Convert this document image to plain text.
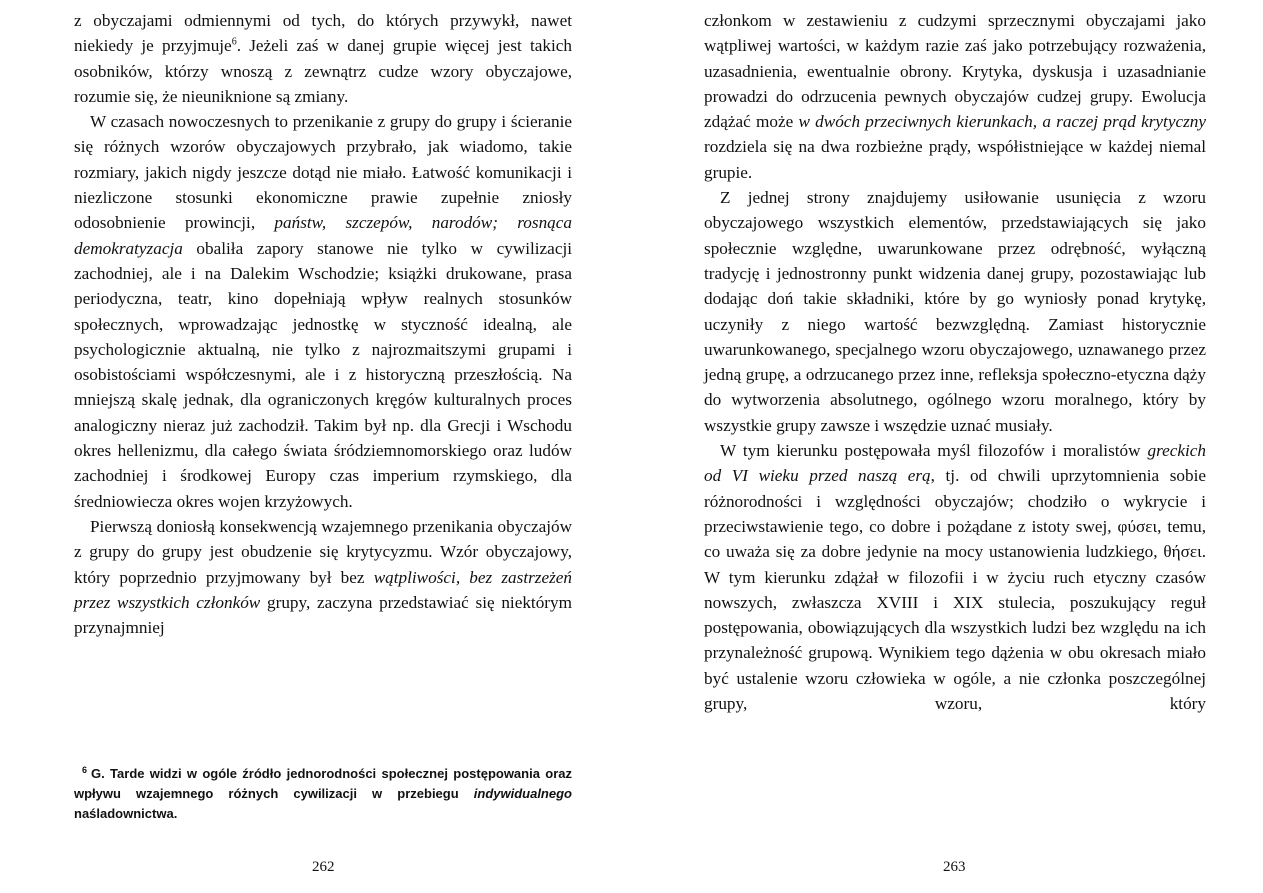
z obyczajami odmiennymi od tych, do których przywykł, nawet niekiedy je przyjmuje$^6$. Jeżeli zaś w danej grupie więcej jest takich osobników, którzy wnoszą z zewnątrz cudze wzory obyczajowe, rozumie się, że nieuniknione są zmiany.

W czasach nowoczesnych to przenikanie z grupy do grupy i ścieranie się różnych wzorów obyczajowych przybrało, jak wiadomo, takie rozmiary, jakich nigdy jeszcze dotąd nie miało. Łatwość komunikacji i niezliczone stosunki ekonomiczne prawie zupełnie zniosły odosobnienie prowincji, państw, szczepów, narodów; rosnąca demokratyzacja obaliła zapory stanowe nie tylko w cywilizacji zachodniej, ale i na Dalekim Wschodzie; książki drukowane, prasa periodyczna, teatr, kino dopełniają wpływ realnych stosunków społecznych, wprowadzając jednostkę w styczność idealną, ale psychologicznie aktualną, nie tylko z najrozmaitszymi grupami i osobistościami współczesnymi, ale i z historyczną przeszłością. Na mniejszą skalę jednak, dla ograniczonych kręgów kulturalnych proces analogiczny nieraz już zachodził. Takim był np. dla Grecji i Wschodu okres hellenizmu, dla całego świata śródziemnomorskiego oraz ludów zachodniej i środkowej Europy czas imperium rzymskiego, dla średniowiecza okres wojen krzyżowych.

Pierwszą doniosłą konsekwencją wzajemnego przenikania obyczajów z grupy do grupy jest obudzenie się krytycyzmu. Wzór obyczajowy, który poprzednio przyjmowany był bez wątpliwości, bez zastrzeżeń przez wszystkich członków grupy, zaczyna przedstawiać się niektórym przynajmniej

$^6$ G. Tarde widzi w ogóle źródło jednorodności społecznej postępowania oraz wpływu wzajemnego różnych cywilizacji w przebiegu indywidualnego naśladownictwa.
262

członkom w zestawieniu z cudzymi sprzecznymi obyczajami jako wątpliwej wartości, w każdym razie zaś jako potrzebujący rozważenia, uzasadnienia, ewentualnie obrony. Krytyka, dyskusja i uzasadnianie prowadzi do odrzucenia pewnych obyczajów cudzej grupy. Ewolucja zdążać może w dwóch przeciwnych kierunkach, a raczej prąd krytyczny rozdziela się na dwa rozbieżne prądy, współistniejące w każdej niemal grupie.

Z jednej strony znajdujemy usiłowanie usunięcia z wzoru obyczajowego wszystkich elementów, przedstawiających się jako społecznie względne, uwarunkowane przez odrębność, wyłączną tradycję i jednostronny punkt widzenia danej grupy, pozostawiając lub dodając doń takie składniki, które by go wyniosły ponad krytykę, uczyniły z niego wartość bezwzględną. Zamiast historycznie uwarunkowanego, specjalnego wzoru obyczajowego, uznawanego przez jedną grupę, a odrzucanego przez inne, refleksja społeczno-etyczna dąży do wytworzenia absolutnego, ogólnego wzoru moralnego, który by wszystkie grupy zawsze i wszędzie uznać musiały.

W tym kierunku postępowała myśl filozofów i moralistów greckich od VI wieku przed naszą erą, tj. od chwili uprzytomnienia sobie różnorodności i względności obyczajów; chodziło o wykrycie i przeciwstawienie tego, co dobre i pożądane z istoty swej, φύσει, temu, co uważa się za dobre jedynie na mocy ustanowienia ludzkiego, θήσει. W tym kierunku zdążał w filozofii i w życiu ruch etyczny czasów nowszych, zwłaszcza XVIII i XIX stulecia, poszukujący reguł postępowania, obowiązujących dla wszystkich ludzi bez względu na ich przynależność grupową. Wynikiem tego dążenia w obu okresach miało być ustalenie wzoru człowieka w ogóle, a nie członka poszczególnej grupy, wzoru, który

263
